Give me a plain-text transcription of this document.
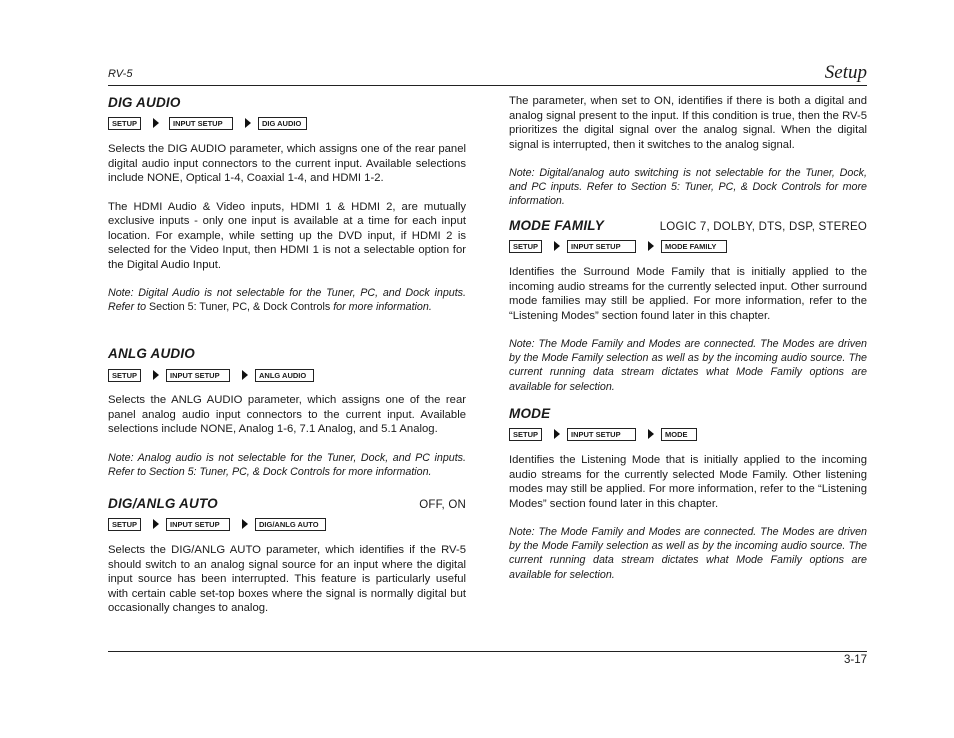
RV-5	Setup
DIG AUDIO
SETUP	INPUT SETUP	DIG AUDIO

Selects the DIG AUDIO parameter, which assigns one of the rear panel digital audio input connectors to the current input. Available selections include NONE, Optical 1-4, Coaxial 1-4, and HDMI 1-2.

The HDMI Audio & Video inputs, HDMI 1 & HDMI 2, are mutually exclusive inputs - only one input is available at a time for each input location. For example, while setting up the DVD input, if HDMI 2 is selected for the Video Input, then HDMI 1 is not a selectable option for the Digital Audio Input.

Note: Digital Audio is not selectable for the Tuner, PC, and Dock inputs. Refer to Section 5: Tuner, PC, & Dock Controls for more information.

ANLG AUDIO
SETUP	INPUT SETUP	ANLG AUDIO

Selects the ANLG AUDIO parameter, which assigns one of the rear panel analog audio input connectors to the current input. Available selections include NONE, Analog 1-6, 7.1 Analog, and 5.1 Analog.

Note: Analog audio is not selectable for the Tuner, Dock, and PC inputs. Refer to Section 5: Tuner, PC, & Dock Controls for more information.

DIG/ANLG AUTO	OFF, ON
SETUP	INPUT SETUP	DIG/ANLG AUTO

Selects the DIG/ANLG AUTO parameter, which identifies if the RV-5 should switch to an analog signal source for an input where the digital input source has been interrupted. This feature is particularly useful with certain cable set-top boxes where the signal is normally digital but occasionally changes to analog.

The parameter, when set to ON, identifies if there is both a digital and analog signal present to the input. If this condition is true, then the RV-5 prioritizes the digital signal over the analog signal. When the digital signal is interrupted, then it switches to the analog signal.

Note: Digital/analog auto switching is not selectable for the Tuner, Dock, and PC inputs. Refer to Section 5: Tuner, PC, & Dock Controls for more information.

MODE FAMILY	LOGIC 7, DOLBY, DTS, DSP, STEREO
SETUP	INPUT SETUP	MODE FAMILY

Identifies the Surround Mode Family that is initially applied to the incoming audio streams for the currently selected input. Other surround mode families may still be applied. For more information, refer to the “Listening Modes” section found later in this chapter.

Note: The Mode Family and Modes are connected. The Modes are driven by the Mode Family selection as well as by the incoming audio source. The current running data stream dictates what Mode Family options are available for selection.

MODE
SETUP	INPUT SETUP	MODE

Identifies the Listening Mode that is initially applied to the incoming audio streams for the currently selected Mode Family. Other listening modes may still be applied. For more information, refer to the “Listening Modes” section found later in this chapter.

Note: The Mode Family and Modes are connected. The Modes are driven by the Mode Family selection as well as by the incoming audio source. The current running data stream dictates what Mode Family options are available for selection.

3-17
